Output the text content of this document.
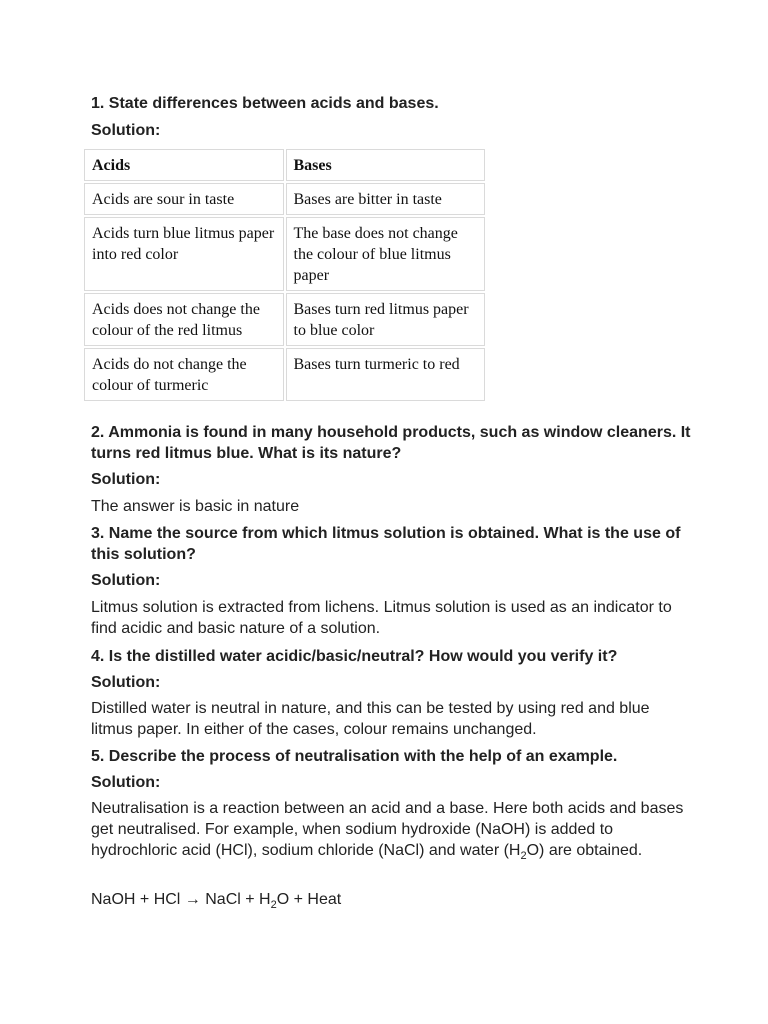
1. State differences between acids and bases.

Solution:

Acids	Bases
Acids are sour in taste	Bases are bitter in taste
Acids turn blue litmus paper into red color	The base does not change the colour of blue litmus paper
Acids does not change the colour of the red litmus	Bases turn red litmus paper to blue color
Acids do not change the colour of turmeric	Bases turn turmeric to red

2. Ammonia is found in many household products, such as window cleaners. It turns red litmus blue. What is its nature?

Solution:

The answer is basic in nature

3. Name the source from which litmus solution is obtained. What is the use of this solution?

Solution:

Litmus solution is extracted from lichens. Litmus solution is used as an indicator to find acidic and basic nature of a solution.

4. Is the distilled water acidic/basic/neutral? How would you verify it?

Solution:

Distilled water is neutral in nature, and this can be tested by using red and blue litmus paper. In either of the cases, colour remains unchanged.

5. Describe the process of neutralisation with the help of an example.

Solution:

Neutralisation is a reaction between an acid and a base. Here both acids and bases get neutralised. For example, when sodium hydroxide (NaOH) is added to hydrochloric acid (HCl), sodium chloride (NaCl) and water $(H_2O)$ are obtained.

NaOH + HCl → NaCl + $H_2O$ + Heat
